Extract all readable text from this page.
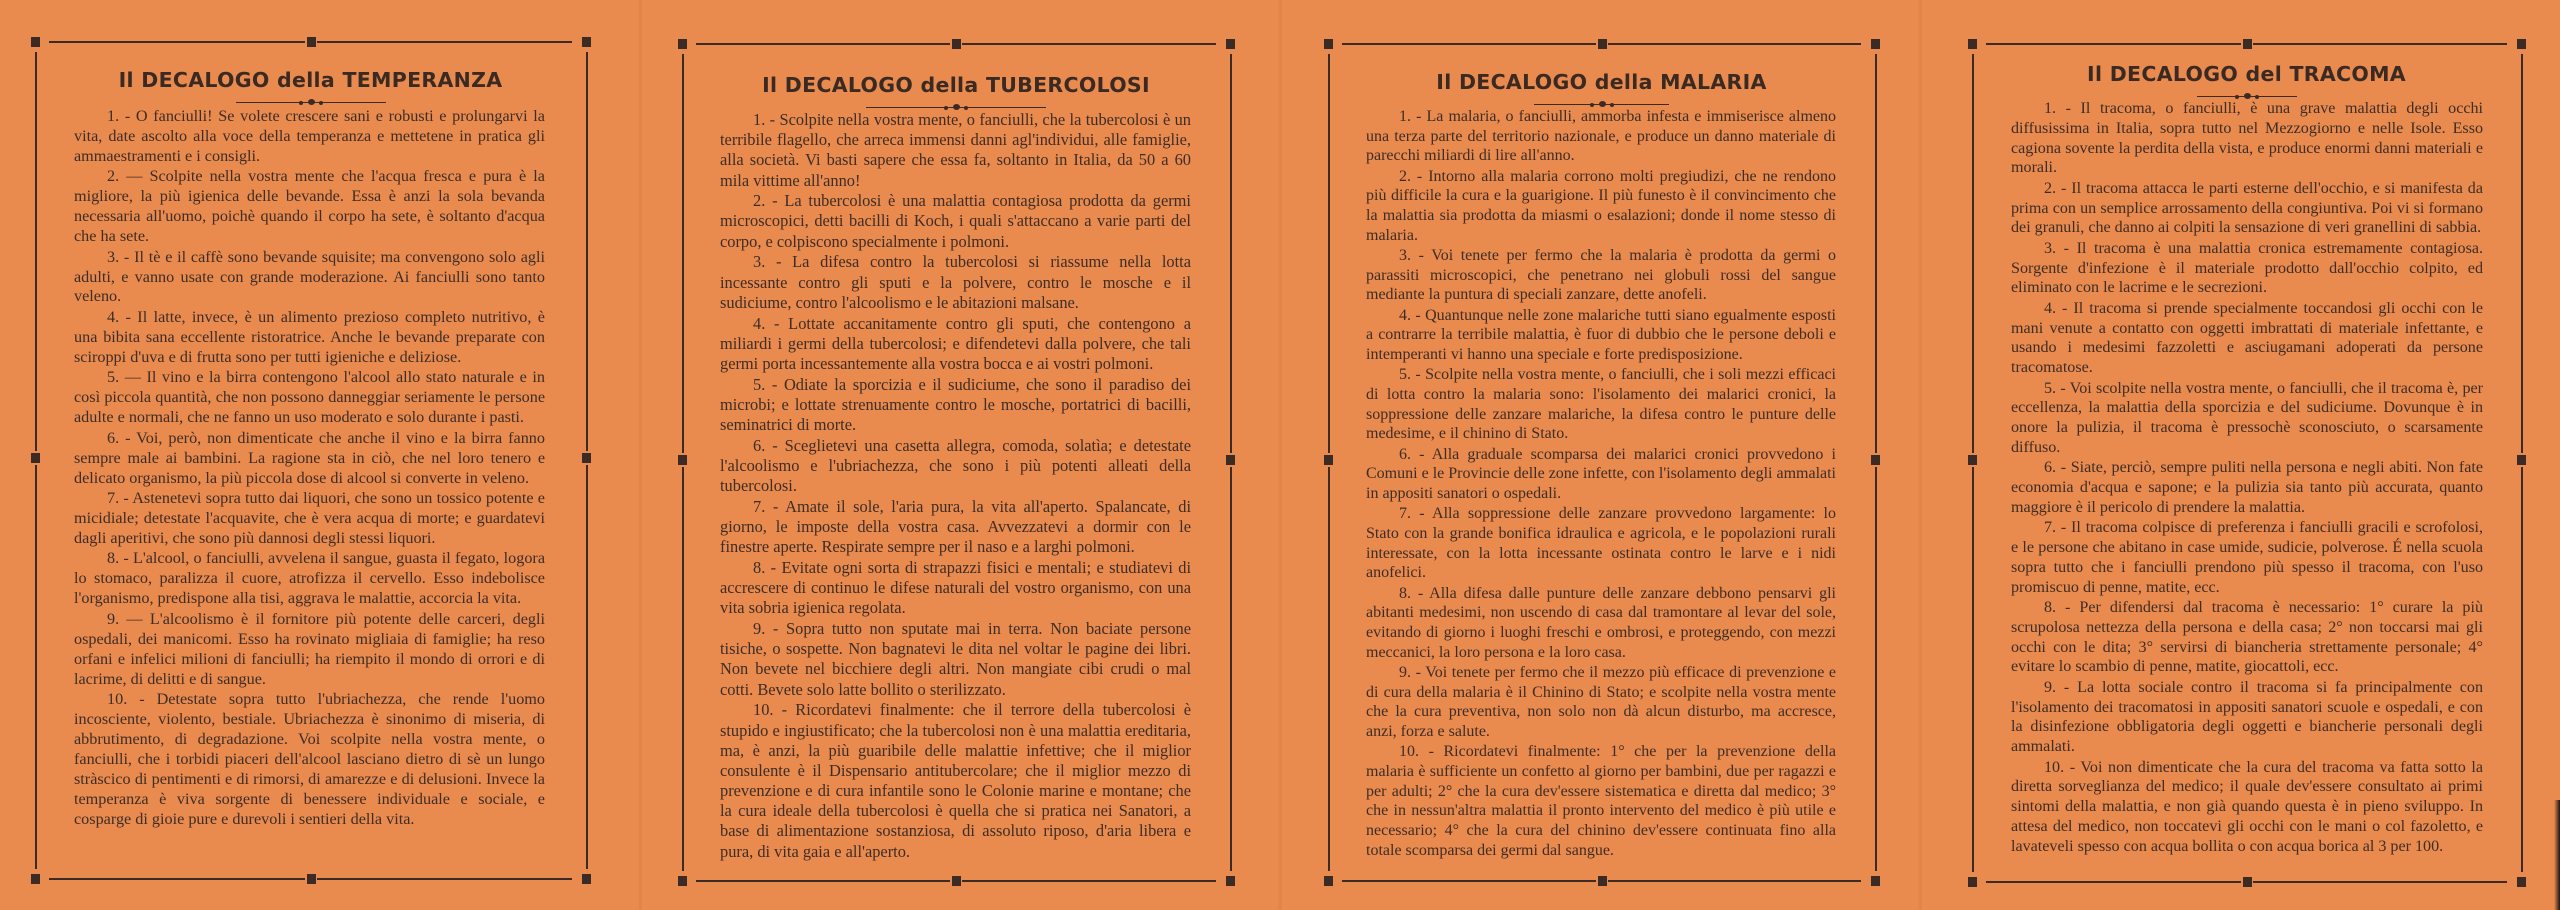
Il DECALOGO della TEMPERANZA

1. - O fanciulli! Se volete crescere sani e robusti e prolungarvi la vita, date ascolto alla voce della temperanza e mettetene in pratica gli ammaestramenti e i consigli.

2. — Scolpite nella vostra mente che l'acqua fresca e pura è la migliore, la più igienica delle bevande. Essa è anzi la sola bevanda necessaria all'uomo, poichè quando il corpo ha sete, è soltanto d'acqua che ha sete.

3. - Il tè e il caffè sono bevande squisite; ma convengono solo agli adulti, e vanno usate con grande moderazione. Ai fanciulli sono tanto veleno.

4. - Il latte, invece, è un alimento prezioso completo nutritivo, è una bibita sana eccellente ristoratrice. Anche le bevande preparate con sciroppi d'uva e di frutta sono per tutti igieniche e deliziose.

5. — Il vino e la birra contengono l'alcool allo stato naturale e in così piccola quantità, che non possono danneggiar seriamente le persone adulte e normali, che ne fanno un uso moderato e solo durante i pasti.

6. - Voi, però, non dimenticate che anche il vino e la birra fanno sempre male ai bambini. La ragione sta in ciò, che nel loro tenero e delicato organismo, la più piccola dose di alcool si converte in veleno.

7. - Astenetevi sopra tutto dai liquori, che sono un tossico potente e micidiale; detestate l'acquavite, che è vera acqua di morte; e guardatevi dagli aperitivi, che sono più dannosi degli stessi liquori.

8. - L'alcool, o fanciulli, avvelena il sangue, guasta il fegato, logora lo stomaco, paralizza il cuore, atrofizza il cervello. Esso indebolisce l'organismo, predispone alla tisi, aggrava le malattie, accorcia la vita.

9. — L'alcoolismo è il fornitore più potente delle carceri, degli ospedali, dei manicomi. Esso ha rovinato migliaia di famiglie; ha reso orfani e infelici milioni di fanciulli; ha riempito il mondo di orrori e di lacrime, di delitti e di sangue.

10. - Detestate sopra tutto l'ubriachezza, che rende l'uomo incosciente, violento, bestiale. Ubriachezza è sinonimo di miseria, di abbrutimento, di degradazione. Voi scolpite nella vostra mente, o fanciulli, che i torbidi piaceri dell'alcool lasciano dietro di sè un lungo stràscico di pentimenti e di rimorsi, di amarezze e di delusioni. Invece la temperanza è viva sorgente di benessere individuale e sociale, e cosparge di gioie pure e durevoli i sentieri della vita.

Il DECALOGO della TUBERCOLOSI

1. - Scolpite nella vostra mente, o fanciulli, che la tubercolosi è un terribile flagello, che arreca immensi danni agl'individui, alle famiglie, alla società. Vi basti sapere che essa fa, soltanto in Italia, da 50 a 60 mila vittime all'anno!

2. - La tubercolosi è una malattia contagiosa prodotta da germi microscopici, detti bacilli di Koch, i quali s'attaccano a varie parti del corpo, e colpiscono specialmente i polmoni.

3. - La difesa contro la tubercolosi si riassume nella lotta incessante contro gli sputi e la polvere, contro le mosche e il sudiciume, contro l'alcoolismo e le abitazioni malsane.

4. - Lottate accanitamente contro gli sputi, che contengono a miliardi i germi della tubercolosi; e difendetevi dalla polvere, che tali germi porta incessantemente alla vostra bocca e ai vostri polmoni.

5. - Odiate la sporcizia e il sudiciume, che sono il paradiso dei microbi; e lottate strenuamente contro le mosche, portatrici di bacilli, seminatrici di morte.

6. - Sceglietevi una casetta allegra, comoda, solatìa; e detestate l'alcoolismo e l'ubriachezza, che sono i più potenti alleati della tubercolosi.

7. - Amate il sole, l'aria pura, la vita all'aperto. Spalancate, di giorno, le imposte della vostra casa. Avvezzatevi a dormir con le finestre aperte. Respirate sempre per il naso e a larghi polmoni.

8. - Evitate ogni sorta di strapazzi fisici e mentali; e studiatevi di accrescere di continuo le difese naturali del vostro organismo, con una vita sobria igienica regolata.

9. - Sopra tutto non sputate mai in terra. Non baciate persone tisiche, o sospette. Non bagnatevi le dita nel voltar le pagine dei libri. Non bevete nel bicchiere degli altri. Non mangiate cibi crudi o mal cotti. Bevete solo latte bollito o sterilizzato.

10. - Ricordatevi finalmente: che il terrore della tubercolosi è stupido e ingiustificato; che la tubercolosi non è una malattia ereditaria, ma, è anzi, la più guaribile delle malattie infettive; che il miglior consulente è il Dispensario antitubercolare; che il miglior mezzo di prevenzione e di cura infantile sono le Colonie marine e montane; che la cura ideale della tubercolosi è quella che si pratica nei Sanatori, a base di alimentazione sostanziosa, di assoluto riposo, d'aria libera e pura, di vita gaia e all'aperto.

Il DECALOGO della MALARIA

1. - La malaria, o fanciulli, ammorba infesta e immiserisce almeno una terza parte del territorio nazionale, e produce un danno materiale di parecchi miliardi di lire all'anno.

2. - Intorno alla malaria corrono molti pregiudizi, che ne rendono più difficile la cura e la guarigione. Il più funesto è il convincimento che la malattia sia prodotta da miasmi o esalazioni; donde il nome stesso di malaria.

3. - Voi tenete per fermo che la malaria è prodotta da germi o parassiti microscopici, che penetrano nei globuli rossi del sangue mediante la puntura di speciali zanzare, dette anofeli.

4. - Quantunque nelle zone malariche tutti siano egualmente esposti a contrarre la terribile malattia, è fuor di dubbio che le persone deboli e intemperanti vi hanno una speciale e forte predisposizione.

5. - Scolpite nella vostra mente, o fanciulli, che i soli mezzi efficaci di lotta contro la malaria sono: l'isolamento dei malarici cronici, la soppressione delle zanzare malariche, la difesa contro le punture delle medesime, e il chinino di Stato.

6. - Alla graduale scomparsa dei malarici cronici provvedono i Comuni e le Provincie delle zone infette, con l'isolamento degli ammalati in appositi sanatori o ospedali.

7. - Alla soppressione delle zanzare provvedono largamente: lo Stato con la grande bonifica idraulica e agricola, e le popolazioni rurali interessate, con la lotta incessante ostinata contro le larve e i nidi anofelici.

8. - Alla difesa dalle punture delle zanzare debbono pensarvi gli abitanti medesimi, non uscendo di casa dal tramontare al levar del sole, evitando di giorno i luoghi freschi e ombrosi, e proteggendo, con mezzi meccanici, la loro persona e la loro casa.

9. - Voi tenete per fermo che il mezzo più efficace di prevenzione e di cura della malaria è il Chinino di Stato; e scolpite nella vostra mente che la cura preventiva, non solo non dà alcun disturbo, ma accresce, anzi, forza e salute.

10. - Ricordatevi finalmente: 1° che per la prevenzione della malaria è sufficiente un confetto al giorno per bambini, due per ragazzi e per adulti; 2° che la cura dev'essere sistematica e diretta dal medico; 3° che in nessun'altra malattia il pronto intervento del medico è più utile e necessario; 4° che la cura del chinino dev'essere continuata fino alla totale scomparsa dei germi dal sangue.

Il DECALOGO del TRACOMA

1. - Il tracoma, o fanciulli, è una grave malattia degli occhi diffusissima in Italia, sopra tutto nel Mezzogiorno e nelle Isole. Esso cagiona sovente la perdita della vista, e produce enormi danni materiali e morali.

2. - Il tracoma attacca le parti esterne dell'occhio, e si manifesta da prima con un semplice arrossamento della congiuntiva. Poi vi si formano dei granuli, che danno ai colpiti la sensazione di veri granellini di sabbia.

3. - Il tracoma è una malattia cronica estremamente contagiosa. Sorgente d'infezione è il materiale prodotto dall'occhio colpito, ed eliminato con le lacrime e le secrezioni.

4. - Il tracoma si prende specialmente toccandosi gli occhi con le mani venute a contatto con oggetti imbrattati di materiale infettante, e usando i medesimi fazzoletti e asciugamani adoperati da persone tracomatose.

5. - Voi scolpite nella vostra mente, o fanciulli, che il tracoma è, per eccellenza, la malattia della sporcizia e del sudiciume. Dovunque è in onore la pulizia, il tracoma è pressochè sconosciuto, o scarsamente diffuso.

6. - Siate, perciò, sempre puliti nella persona e negli abiti. Non fate economia d'acqua e sapone; e la pulizia sia tanto più accurata, quanto maggiore è il pericolo di prendere la malattia.

7. - Il tracoma colpisce di preferenza i fanciulli gracili e scrofolosi, e le persone che abitano in case umide, sudicie, polverose. É nella scuola sopra tutto che i fanciulli prendono più spesso il tracoma, con l'uso promiscuo di penne, matite, ecc.

8. - Per difendersi dal tracoma è necessario: 1° curare la più scrupolosa nettezza della persona e della casa; 2° non toccarsi mai gli occhi con le dita; 3° servirsi di biancheria strettamente personale; 4° evitare lo scambio di penne, matite, giocattoli, ecc.

9. - La lotta sociale contro il tracoma si fa principalmente con l'isolamento dei tracomatosi in appositi sanatori scuole e ospedali, e con la disinfezione obbligatoria degli oggetti e biancherie personali degli ammalati.

10. - Voi non dimenticate che la cura del tracoma va fatta sotto la diretta sorveglianza del medico; il quale dev'essere consultato ai primi sintomi della malattia, e non già quando questa è in pieno sviluppo. In attesa del medico, non toccatevi gli occhi con le mani o col fazoletto, e lavateveli spesso con acqua bollita o con acqua borica al 3 per 100.
